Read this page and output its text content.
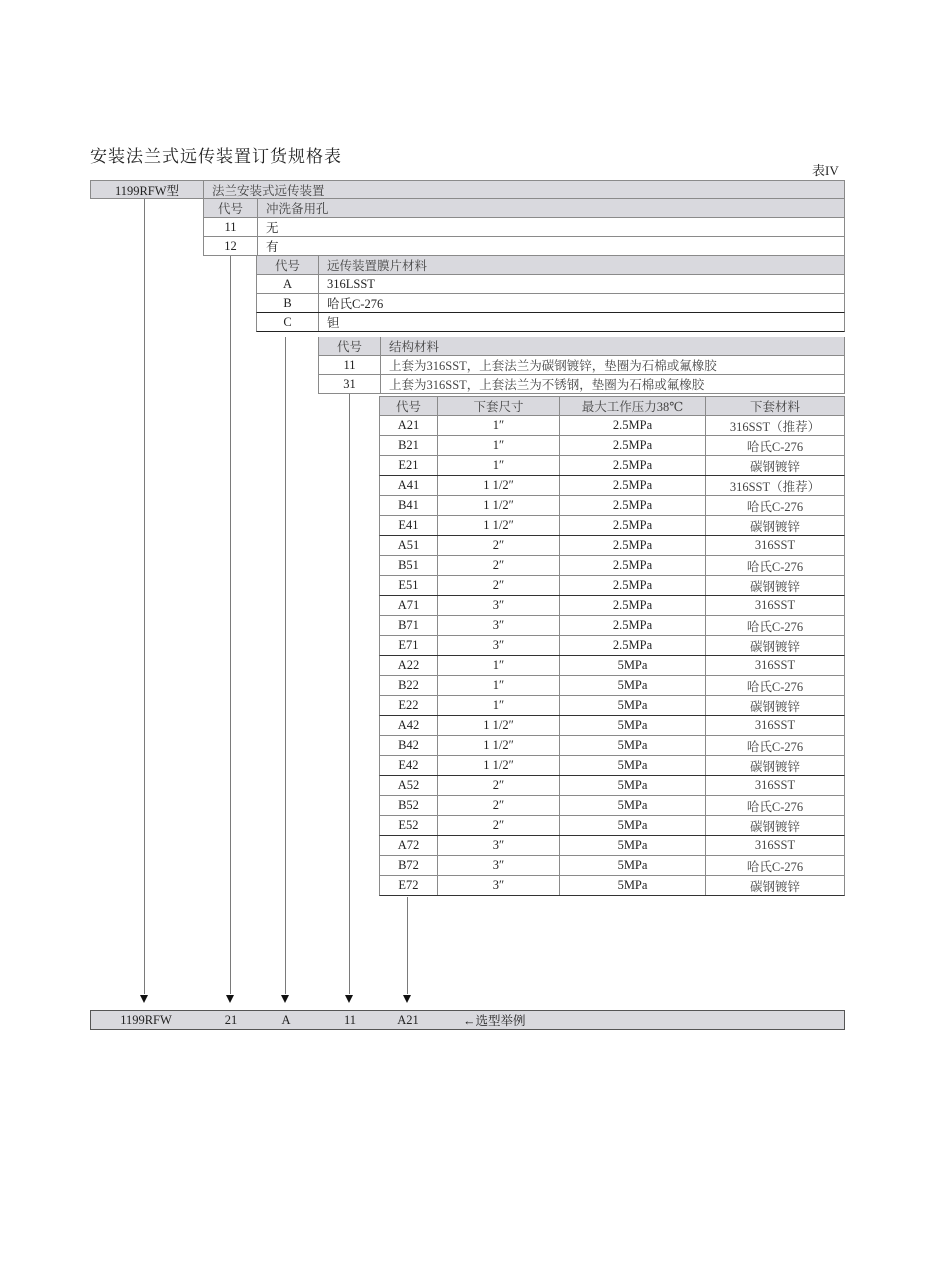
安装法兰式远传装置订货规格表
表IV
1199RFW型	法兰安装式远传装置
代号	冲洗备用孔
11	无
12	有
代号	远传装置膜片材料
A	316LSST
B	哈氏C-276
C	钽
代号	结构材料
11	上套为316SST，上套法兰为碳钢镀锌，垫圈为石棉或氟橡胶
31	上套为316SST，上套法兰为不锈钢，垫圈为石棉或氟橡胶
代号	下套尺寸	最大工作压力38℃	下套材料
A21	1″	2.5MPa	316SST（推荐）
B21	1″	2.5MPa	哈氏C-276
E21	1″	2.5MPa	碳钢镀锌
A41	1 1/2″	2.5MPa	316SST（推荐）
B41	1 1/2″	2.5MPa	哈氏C-276
E41	1 1/2″	2.5MPa	碳钢镀锌
A51	2″	2.5MPa	316SST
B51	2″	2.5MPa	哈氏C-276
E51	2″	2.5MPa	碳钢镀锌
A71	3″	2.5MPa	316SST
B71	3″	2.5MPa	哈氏C-276
E71	3″	2.5MPa	碳钢镀锌
A22	1″	5MPa	316SST
B22	1″	5MPa	哈氏C-276
E22	1″	5MPa	碳钢镀锌
A42	1 1/2″	5MPa	316SST
B42	1 1/2″	5MPa	哈氏C-276
E42	1 1/2″	5MPa	碳钢镀锌
A52	2″	5MPa	316SST
B52	2″	5MPa	哈氏C-276
E52	2″	5MPa	碳钢镀锌
A72	3″	5MPa	316SST
B72	3″	5MPa	哈氏C-276
E72	3″	5MPa	碳钢镀锌
1199RFW	21	A	11	A21	←选型举例
